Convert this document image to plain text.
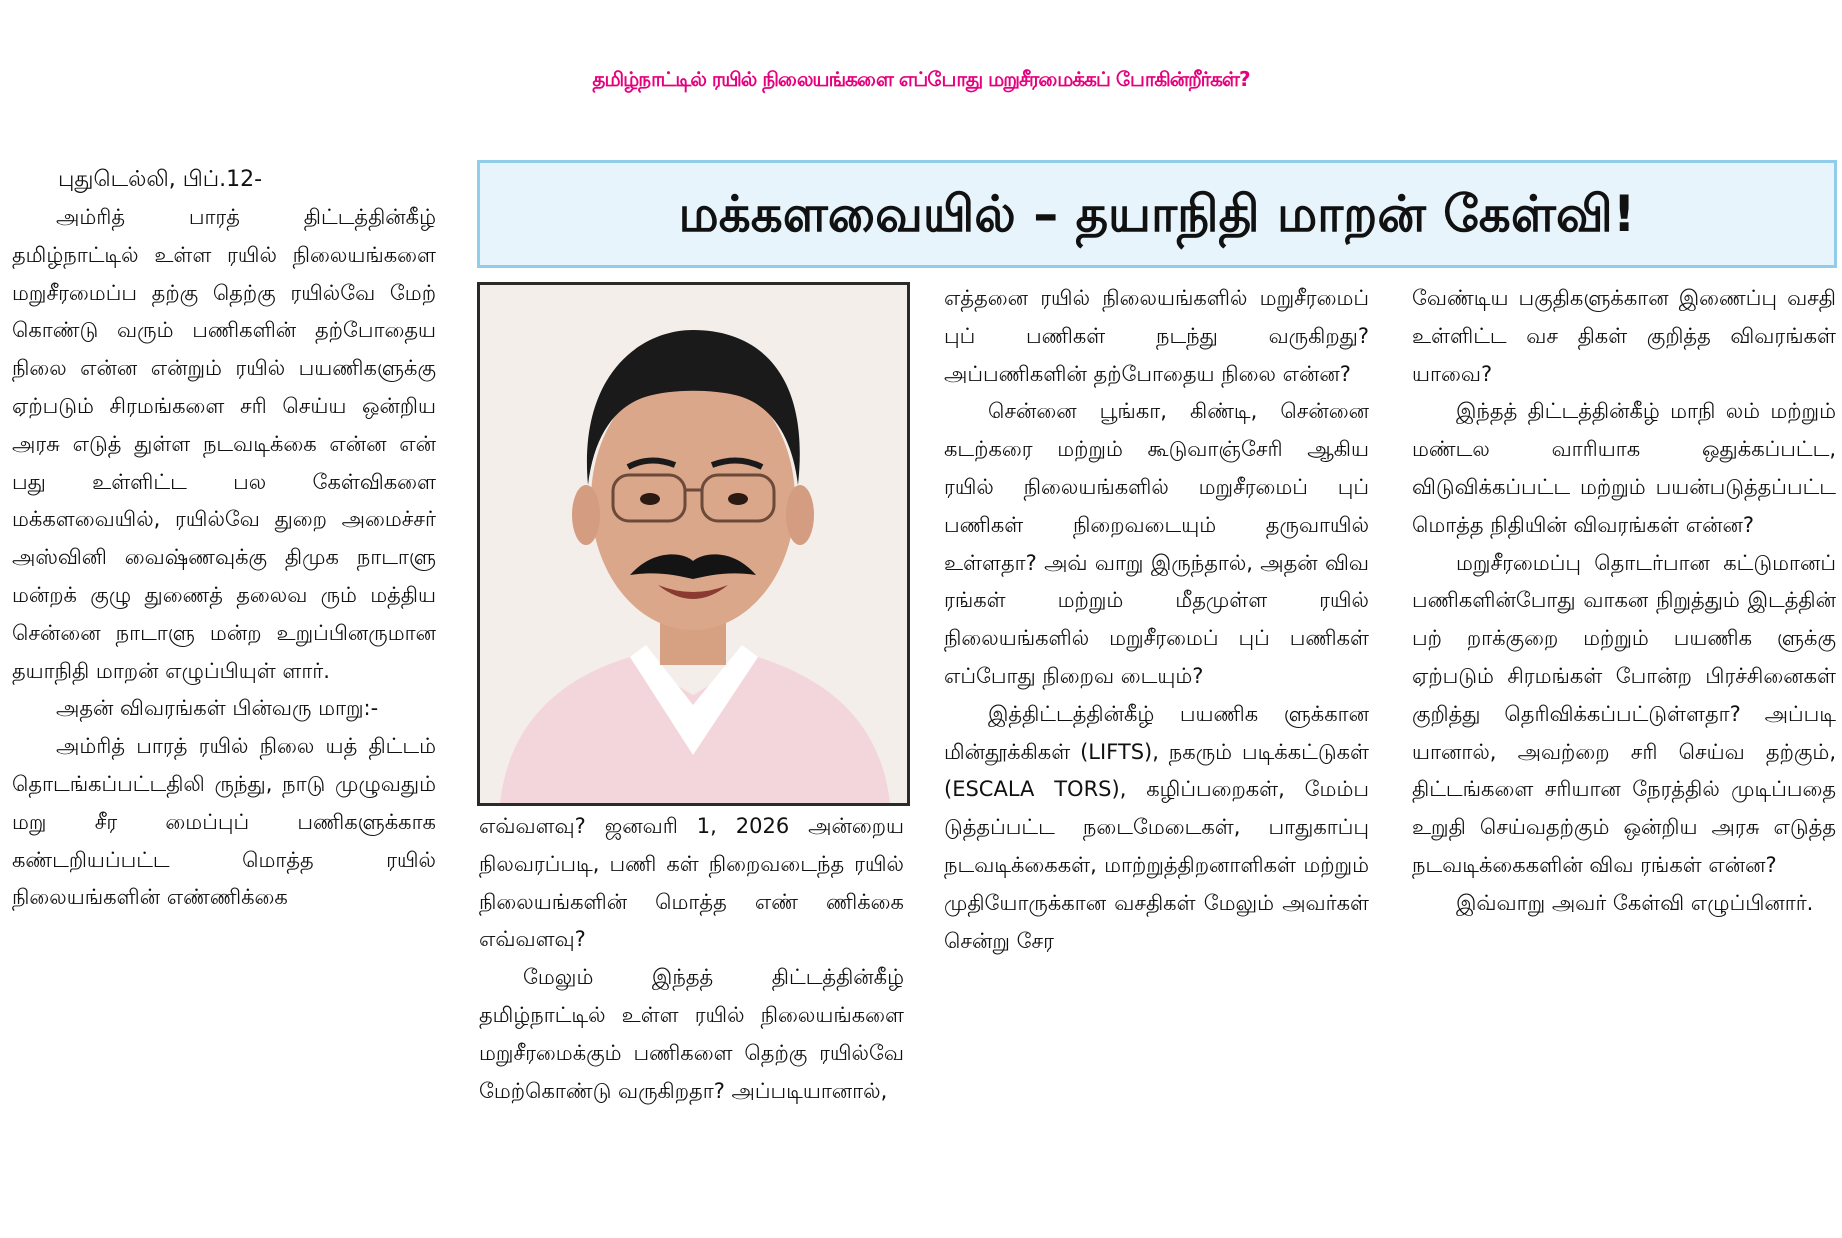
தமிழ்நாட்டில் ரயில் நிலையங்களை எப்போது மறுசீரமைக்கப் போகின்றீர்கள்?
மக்களவையில் – தயாநிதி மாறன் கேள்வி!

புதுடெல்லி, பிப்.12-

அம்ரித் பாரத் திட்டத்தின்கீழ் தமிழ்நாட்டில் உள்ள ரயில் நிலையங்களை மறுசீரமைப்ப தற்கு தெற்கு ரயில்வே மேற் கொண்டு வரும் பணிகளின் தற்போதைய நிலை என்ன என்றும் ரயில் பயணிகளுக்கு ஏற்படும் சிரமங்களை சரி செய்ய ஒன்றிய அரசு எடுத் துள்ள நடவடிக்கை என்ன என் பது உள்ளிட்ட பல கேள்விகளை மக்களவையில், ரயில்வே துறை அமைச்சர் அஸ்வினி வைஷ்ணவுக்கு திமுக நாடாளு மன்றக் குழு துணைத் தலைவ ரும் மத்திய சென்னை நாடாளு மன்ற உறுப்பினருமான தயாநிதி மாறன் எழுப்பியுள் ளார்.

அதன் விவரங்கள் பின்வரு மாறு:-

அம்ரித் பாரத் ரயில் நிலை யத் திட்டம் தொடங்கப்பட்டதிலி ருந்து, நாடு முழுவதும் மறு சீர மைப்புப் பணிகளுக்காக கண்டறியப்பட்ட மொத்த ரயில் நிலையங்களின் எண்ணிக்கை

எவ்வளவு? ஜனவரி 1, 2026 அன்றைய நிலவரப்படி, பணி கள் நிறைவடைந்த ரயில் நிலையங்களின் மொத்த எண் ணிக்கை எவ்வளவு?

மேலும் இந்தத் திட்டத்தின்கீழ் தமிழ்நாட்டில் உள்ள ரயில் நிலையங்களை மறுசீரமைக்கும் பணிகளை தெற்கு ரயில்வே மேற்கொண்டு வருகிறதா? அப்படியானால்,

எத்தனை ரயில் நிலையங்களில் மறுசீரமைப் புப் பணிகள் நடந்து வருகிறது? அப்பணிகளின் தற்போதைய நிலை என்ன?

சென்னை பூங்கா, கிண்டி, சென்னை கடற்கரை மற்றும் கூடுவாஞ்சேரி ஆகிய ரயில் நிலையங்களில் மறுசீரமைப் புப் பணிகள் நிறைவடையும் தருவாயில் உள்ளதா? அவ் வாறு இருந்தால், அதன் விவ ரங்கள் மற்றும் மீதமுள்ள ரயில் நிலையங்களில் மறுசீரமைப் புப் பணிகள் எப்போது நிறைவ டையும்?

இத்திட்டத்தின்கீழ் பயணிக ளுக்கான மின்தூக்கிகள் (LIFTS), நகரும் படிக்கட்டுகள் (ESCALA TORS), கழிப்பறைகள், மேம்ப டுத்தப்பட்ட நடைமேடைகள், பாதுகாப்பு நடவடிக்கைகள், மாற்றுத்திறனாளிகள் மற்றும் முதியோருக்கான வசதிகள் மேலும் அவர்கள் சென்று சேர

வேண்டிய பகுதிகளுக்கான இணைப்பு வசதி உள்ளிட்ட வச திகள் குறித்த விவரங்கள் யாவை?

இந்தத் திட்டத்தின்கீழ் மாநி லம் மற்றும் மண்டல வாரியாக ஒதுக்கப்பட்ட, விடுவிக்கப்பட்ட மற்றும் பயன்படுத்தப்பட்ட மொத்த நிதியின் விவரங்கள் என்ன?

மறுசீரமைப்பு தொடர்பான கட்டுமானப் பணிகளின்போது வாகன நிறுத்தும் இடத்தின் பற் றாக்குறை மற்றும் பயணிக ளுக்கு ஏற்படும் சிரமங்கள் போன்ற பிரச்சினைகள் குறித்து தெரிவிக்கப்பட்டுள்ளதா? அப்படி யானால், அவற்றை சரி செய்வ தற்கும், திட்டங்களை சரியான நேரத்தில் முடிப்பதை உறுதி செய்வதற்கும் ஒன்றிய அரசு எடுத்த நடவடிக்கைகளின் விவ ரங்கள் என்ன?

இவ்வாறு அவர் கேள்வி எழுப்பினார்.
